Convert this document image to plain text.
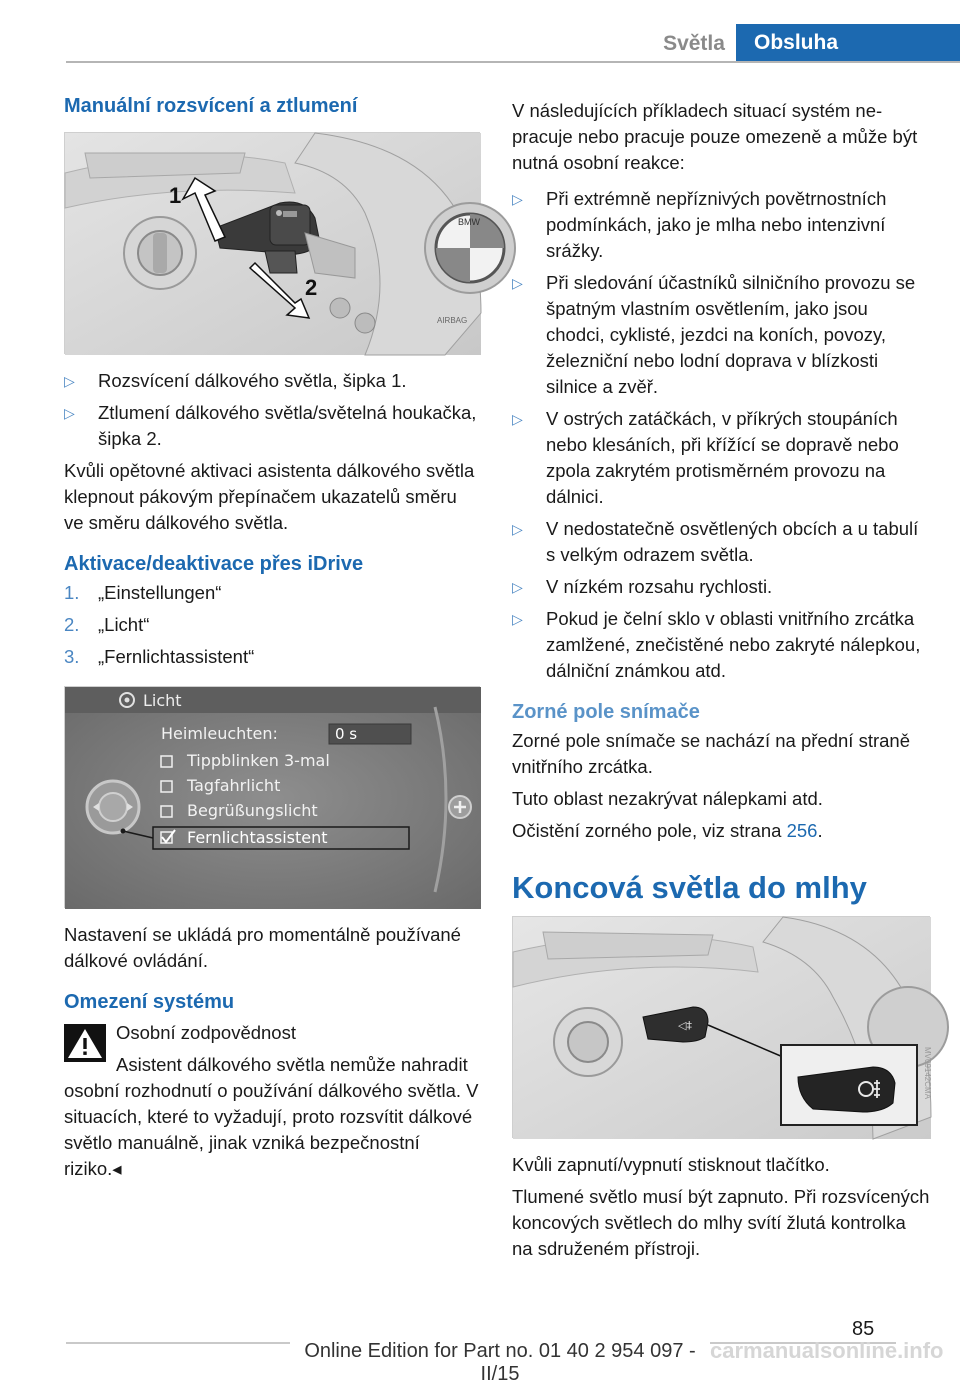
Světla	Obsluha
Manuální rozsvícení a ztlumení
BMW
AIRBAG
1
2
▷ Rozsvícení dálkového světla, šipka 1.
▷ Ztlumení dálkového světla/světelná houkačka, šipka 2.

Kvůli opětovné aktivaci asistenta dálkového světla klepnout pákovým přepínačem ukazatelů směru ve směru dálkového světla.

Aktivace/deaktivace přes iDrive
1. „Einstellungen“
2. „Licht“
3. „Fernlichtassistent“
Licht
Heimleuchten:	0 s
Tippblinken 3-mal
Tagfahrlicht
Begrüßungslicht
Fernlichtassistent

Nastavení se ukládá pro momentálně používané dálkové ovládání.

Omezení systému

Osobní zodpovědnost

Asistent dálkového světla nemůže nahradit osobní rozhodnutí o používání dálkového světla. V situacích, které to vyžadují, proto rozsvítit dálkové světlo manuálně, jinak vzniká bezpečnostní riziko.◂

V následujících příkladech situací systém nepracuje nebo pracuje pouze omezeně a může být nutná osobní reakce:

▷ Při extrémně nepříznivých povětrnostních podmínkách, jako je mlha nebo intenzivní srážky.
▷ Při sledování účastníků silničního provozu se špatným vlastním osvětlením, jako jsou chodci, cyklisté, jezdci na koních, povozy, železniční nebo lodní doprava v blízkosti silnice a zvěř.
▷ V ostrých zatáčkách, v příkrých stoupáních nebo klesáních, při křížící se dopravě nebo zpola zakrytém protisměrném provozu na dálnici.
▷ V nedostatečně osvětlených obcích a u tabulí s velkým odrazem světla.
▷ V nízkém rozsahu rychlosti.
▷ Pokud je čelní sklo v oblasti vnitřního zrcátka zamlžené, znečistěné nebo zakryté nálepkou, dálniční známkou atd.
Zorné pole snímače

Zorné pole snímače se nachází na přední straně vnitřního zrcátka.

Tuto oblast nezakrývat nálepkami atd.

Očistění zorného pole, viz strana 256.

Koncová světla do mlhy
◁‡
MV09142CMA

Kvůli zapnutí/vypnutí stisknout tlačítko.

Tlumené světlo musí být zapnuto. Při rozsvícených koncových světlech do mlhy svítí žlutá kontrolka na sdruženém přístroji.

85
Online Edition for Part no. 01 40 2 954 097 - II/15
carmanualsonline.info
